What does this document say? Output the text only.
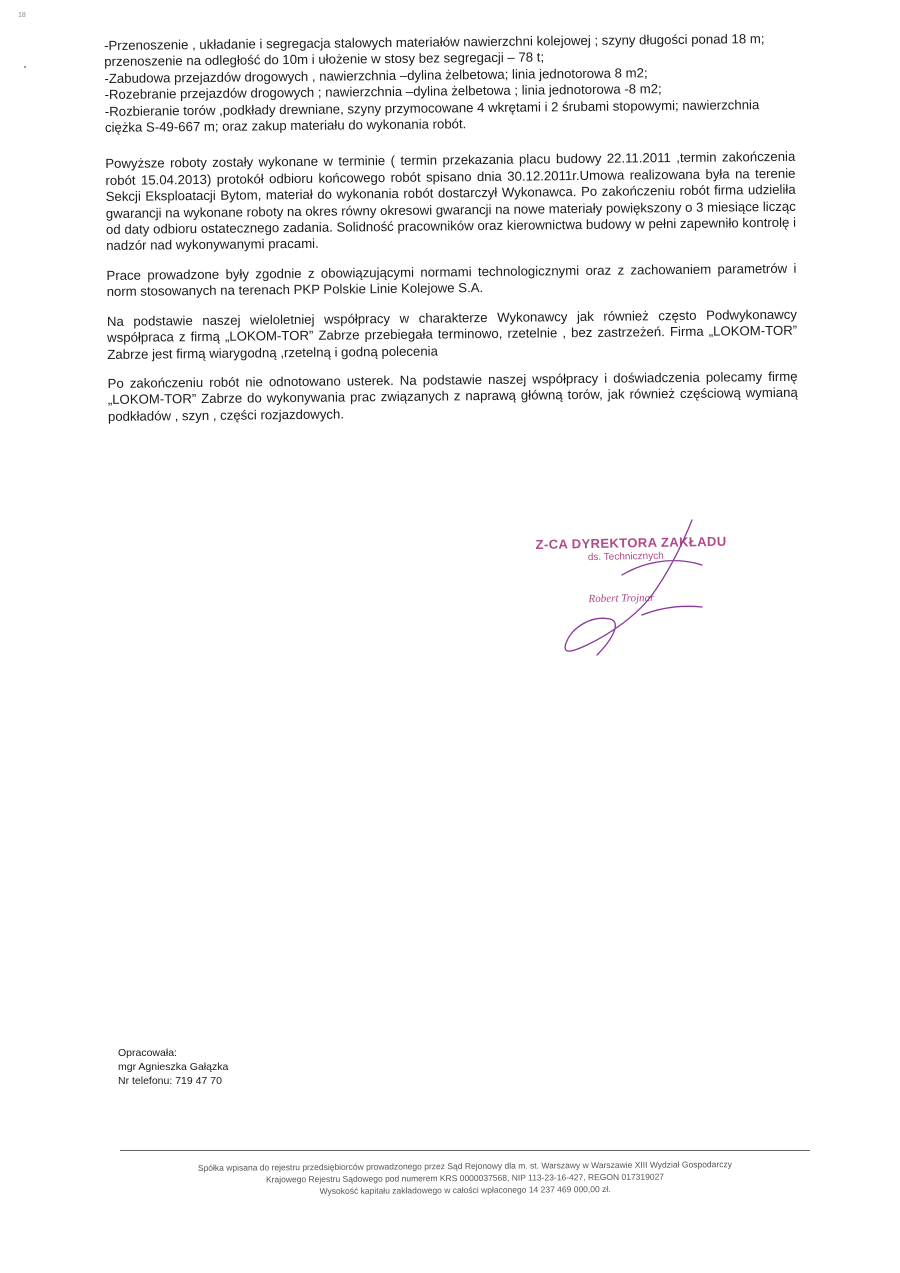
18
-Przenoszenie , układanie i segregacja stalowych materiałów nawierzchni kolejowej ; szyny długości ponad 18 m; przenoszenie na odległość do 10m i ułożenie w stosy bez segregacji – 78 t;
-Zabudowa przejazdów drogowych , nawierzchnia –dylina żelbetowa; linia jednotorowa 8 m2;
-Rozebranie przejazdów drogowych ; nawierzchnia –dylina żelbetowa ; linia jednotorowa -8 m2;
-Rozbieranie torów ,podkłady drewniane, szyny przymocowane 4 wkrętami i 2 śrubami stopowymi; nawierzchnia ciężka S-49-667 m; oraz zakup materiału do wykonania robót.

Powyższe roboty zostały wykonane w terminie ( termin przekazania placu budowy 22.11.2011 ,termin zakończenia robót 15.04.2013) protokół odbioru końcowego robót spisano dnia 30.12.2011r.Umowa realizowana była na terenie Sekcji Eksploatacji Bytom, materiał do wykonania robót dostarczył Wykonawca. Po zakończeniu robót firma udzieliła gwarancji na wykonane roboty na okres równy okresowi gwarancji na nowe materiały powiększony o 3 miesiące licząc od daty odbioru ostatecznego zadania. Solidność pracowników oraz kierownictwa budowy w pełni zapewniło kontrolę i nadzór nad wykonywanymi pracami.

Prace prowadzone były zgodnie z obowiązującymi normami technologicznymi oraz z zachowaniem parametrów i norm stosowanych na terenach PKP Polskie Linie Kolejowe S.A.

Na podstawie naszej wieloletniej współpracy w charakterze Wykonawcy jak również często Podwykonawcy współpraca z firmą „LOKOM-TOR” Zabrze przebiegała terminowo, rzetelnie , bez zastrzeżeń. Firma „LOKOM-TOR” Zabrze jest firmą wiarygodną ,rzetelną i godną polecenia

Po zakończeniu robót nie odnotowano usterek. Na podstawie naszej współpracy i doświadczenia polecamy firmę „LOKOM-TOR” Zabrze do wykonywania prac związanych z naprawą główną torów, jak również częściową wymianą podkładów , szyn , części rozjazdowych.

Z-CA DYREKTORA ZAKŁADU
ds. Technicznych
Robert Trojnar
Opracowała:
mgr Agnieszka Gałązka
Nr telefonu: 719 47 70
Spółka wpisana do rejestru przedsiębiorców prowadzonego przez Sąd Rejonowy dla m. st. Warszawy w Warszawie XIII Wydział Gospodarczy
Krajowego Rejestru Sądowego pod numerem KRS 0000037568, NIP 113-23-16-427, REGON 017319027
Wysokość kapitału zakładowego w całości wpłaconego 14 237 469 000,00 zł.
